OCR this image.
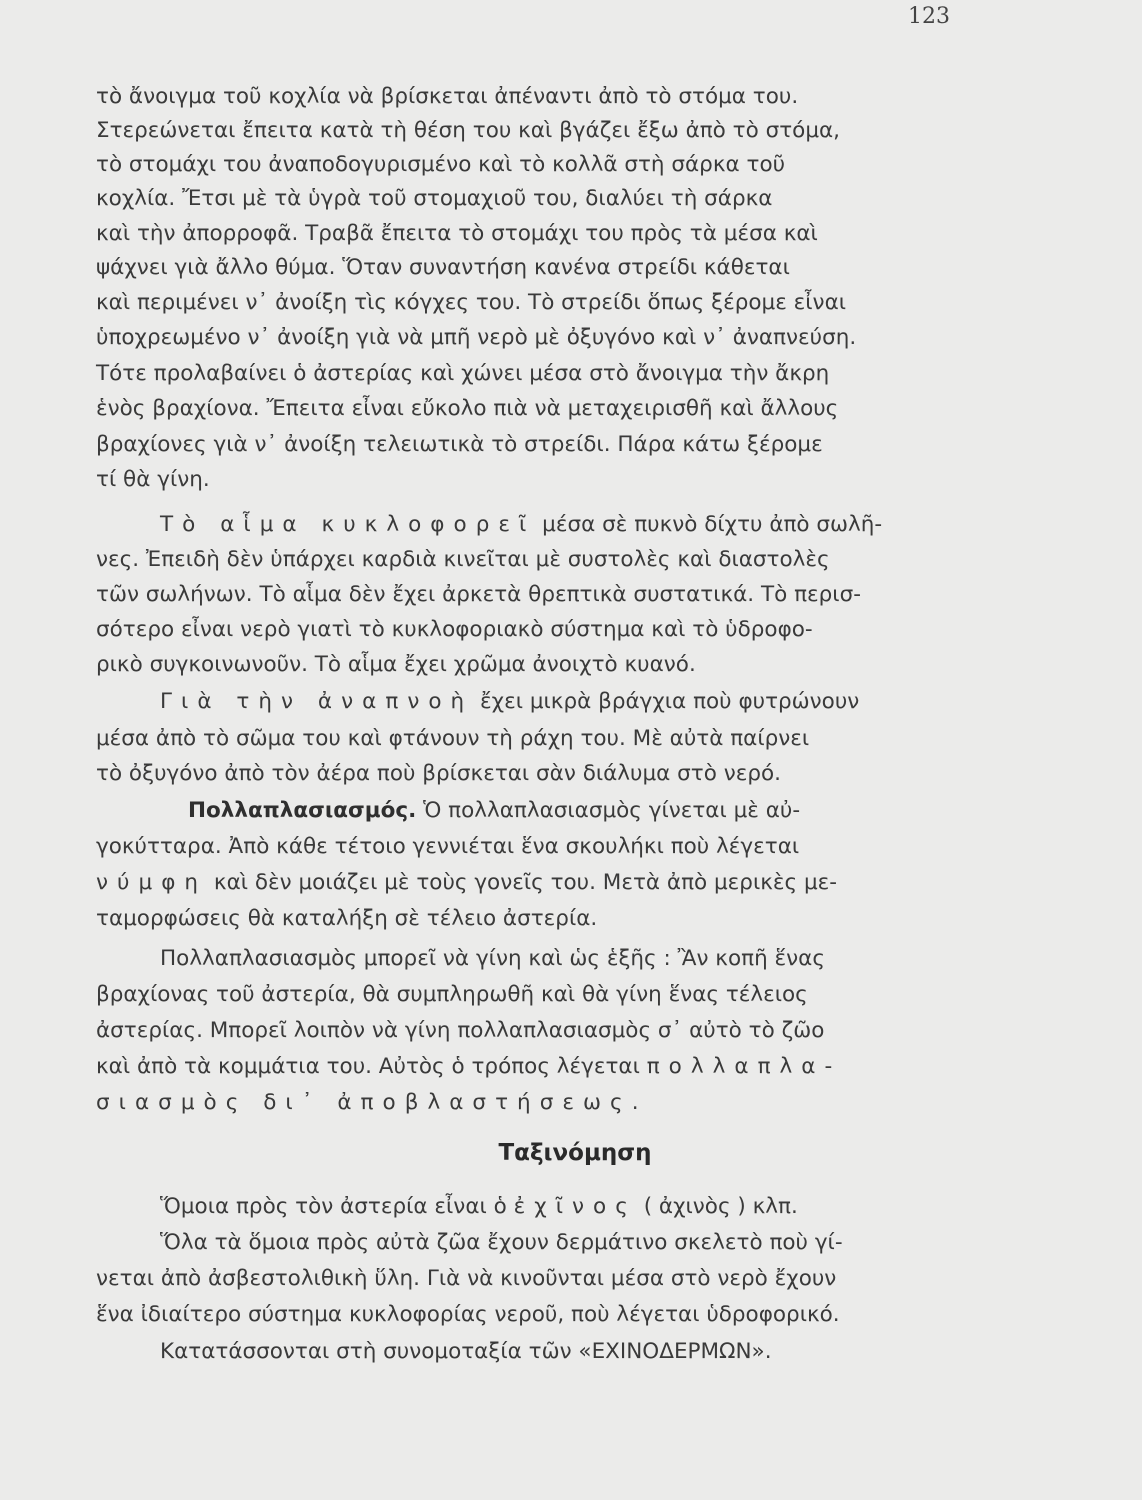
123
τὸ ἄνοιγμα τοῦ κοχλία νὰ βρίσκεται ἀπέναντι ἀπὸ τὸ στόμα του.
Στερεώνεται ἔπειτα κατὰ τὴ θέση του καὶ βγάζει ἔξω ἀπὸ τὸ στόμα,
τὸ στομάχι του ἀναποδογυρισμένο καὶ τὸ κολλᾶ στὴ σάρκα τοῦ
κοχλία. Ἔτσι μὲ τὰ ὑγρὰ τοῦ στομαχιοῦ του, διαλύει τὴ σάρκα
καὶ τὴν ἀπορροφᾶ. Τραβᾶ ἔπειτα τὸ στομάχι του πρὸς τὰ μέσα καὶ
ψάχνει γιὰ ἄλλο θύμα. Ὅταν συναντήση κανένα στρείδι κάθεται
καὶ περιμένει ν᾽ ἀνοίξη τὶς κόγχες του. Τὸ στρείδι ὅπως ξέρομε εἶναι
ὑποχρεωμένο ν᾽ ἀνοίξη γιὰ νὰ μπῆ νερὸ μὲ ὀξυγόνο καὶ ν᾽ ἀναπνεύση.
Τότε προλαβαίνει ὁ ἀστερίας καὶ χώνει μέσα στὸ ἄνοιγμα τὴν ἄκρη
ἑνὸς βραχίονα. Ἔπειτα εἶναι εὔκολο πιὰ νὰ μεταχειρισθῆ καὶ ἄλλους
βραχίονες γιὰ ν᾽ ἀνοίξη τελειωτικὰ τὸ στρείδι. Πάρα κάτω ξέρομε
τί θὰ γίνη.
Τὸ αἷμα κυκλοφορεῖ μέσα σὲ πυκνὸ δίχτυ ἀπὸ σωλῆ-
νες. Ἐπειδὴ δὲν ὑπάρχει καρδιὰ κινεῖται μὲ συστολὲς καὶ διαστολὲς
τῶν σωλήνων. Τὸ αἷμα δὲν ἔχει ἀρκετὰ θρεπτικὰ συστατικά. Τὸ περισ-
σότερο εἶναι νερὸ γιατὶ τὸ κυκλοφοριακὸ σύστημα καὶ τὸ ὑδροφο-
ρικὸ συγκοινωνοῦν. Τὸ αἷμα ἔχει χρῶμα ἀνοιχτὸ κυανό.
Γιὰ τὴν ἀναπνοὴ ἔχει μικρὰ βράγχια ποὺ φυτρώνουν
μέσα ἀπὸ τὸ σῶμα του καὶ φτάνουν τὴ ράχη του. Μὲ αὐτὰ παίρνει
τὸ ὀξυγόνο ἀπὸ τὸν ἀέρα ποὺ βρίσκεται σὰν διάλυμα στὸ νερό.
Πολλαπλασιασμός. Ὁ πολλαπλασιασμὸς γίνεται μὲ αὐ-
γοκύτταρα. Ἀπὸ κάθε τέτοιο γεννιέται ἕνα σκουλήκι ποὺ λέγεται
νύμφη καὶ δὲν μοιάζει μὲ τοὺς γονεῖς του. Μετὰ ἀπὸ μερικὲς με-
ταμορφώσεις θὰ καταλήξη σὲ τέλειο ἀστερία.
Πολλαπλασιασμὸς μπορεῖ νὰ γίνη καὶ ὡς ἑξῆς : Ἂν κοπῆ ἕνας
βραχίονας τοῦ ἀστερία, θὰ συμπληρωθῆ καὶ θὰ γίνη ἕνας τέλειος
ἀστερίας. Μπορεῖ λοιπὸν νὰ γίνη πολλαπλασιασμὸς σ᾽ αὐτὸ τὸ ζῶο
καὶ ἀπὸ τὰ κομμάτια του. Αὐτὸς ὁ τρόπος λέγεται πολλαπλα-
σιασμὸς δι᾽ ἀποβλαστήσεως.
Ταξινόμηση
Ὅμοια πρὸς τὸν ἀστερία εἶναι ὁ ἐχῖνος ( ἀχινὸς ) κλπ.
Ὅλα τὰ ὅμοια πρὸς αὐτὰ ζῶα ἔχουν δερμάτινο σκελετὸ ποὺ γί-
νεται ἀπὸ ἀσβεστολιθικὴ ὕλη. Γιὰ νὰ κινοῦνται μέσα στὸ νερὸ ἔχουν
ἕνα ἰδιαίτερο σύστημα κυκλοφορίας νεροῦ, ποὺ λέγεται ὑδροφορικό.
Κατατάσσονται στὴ συνομοταξία τῶν «ΕΧΙΝΟΔΕΡΜΩΝ».
